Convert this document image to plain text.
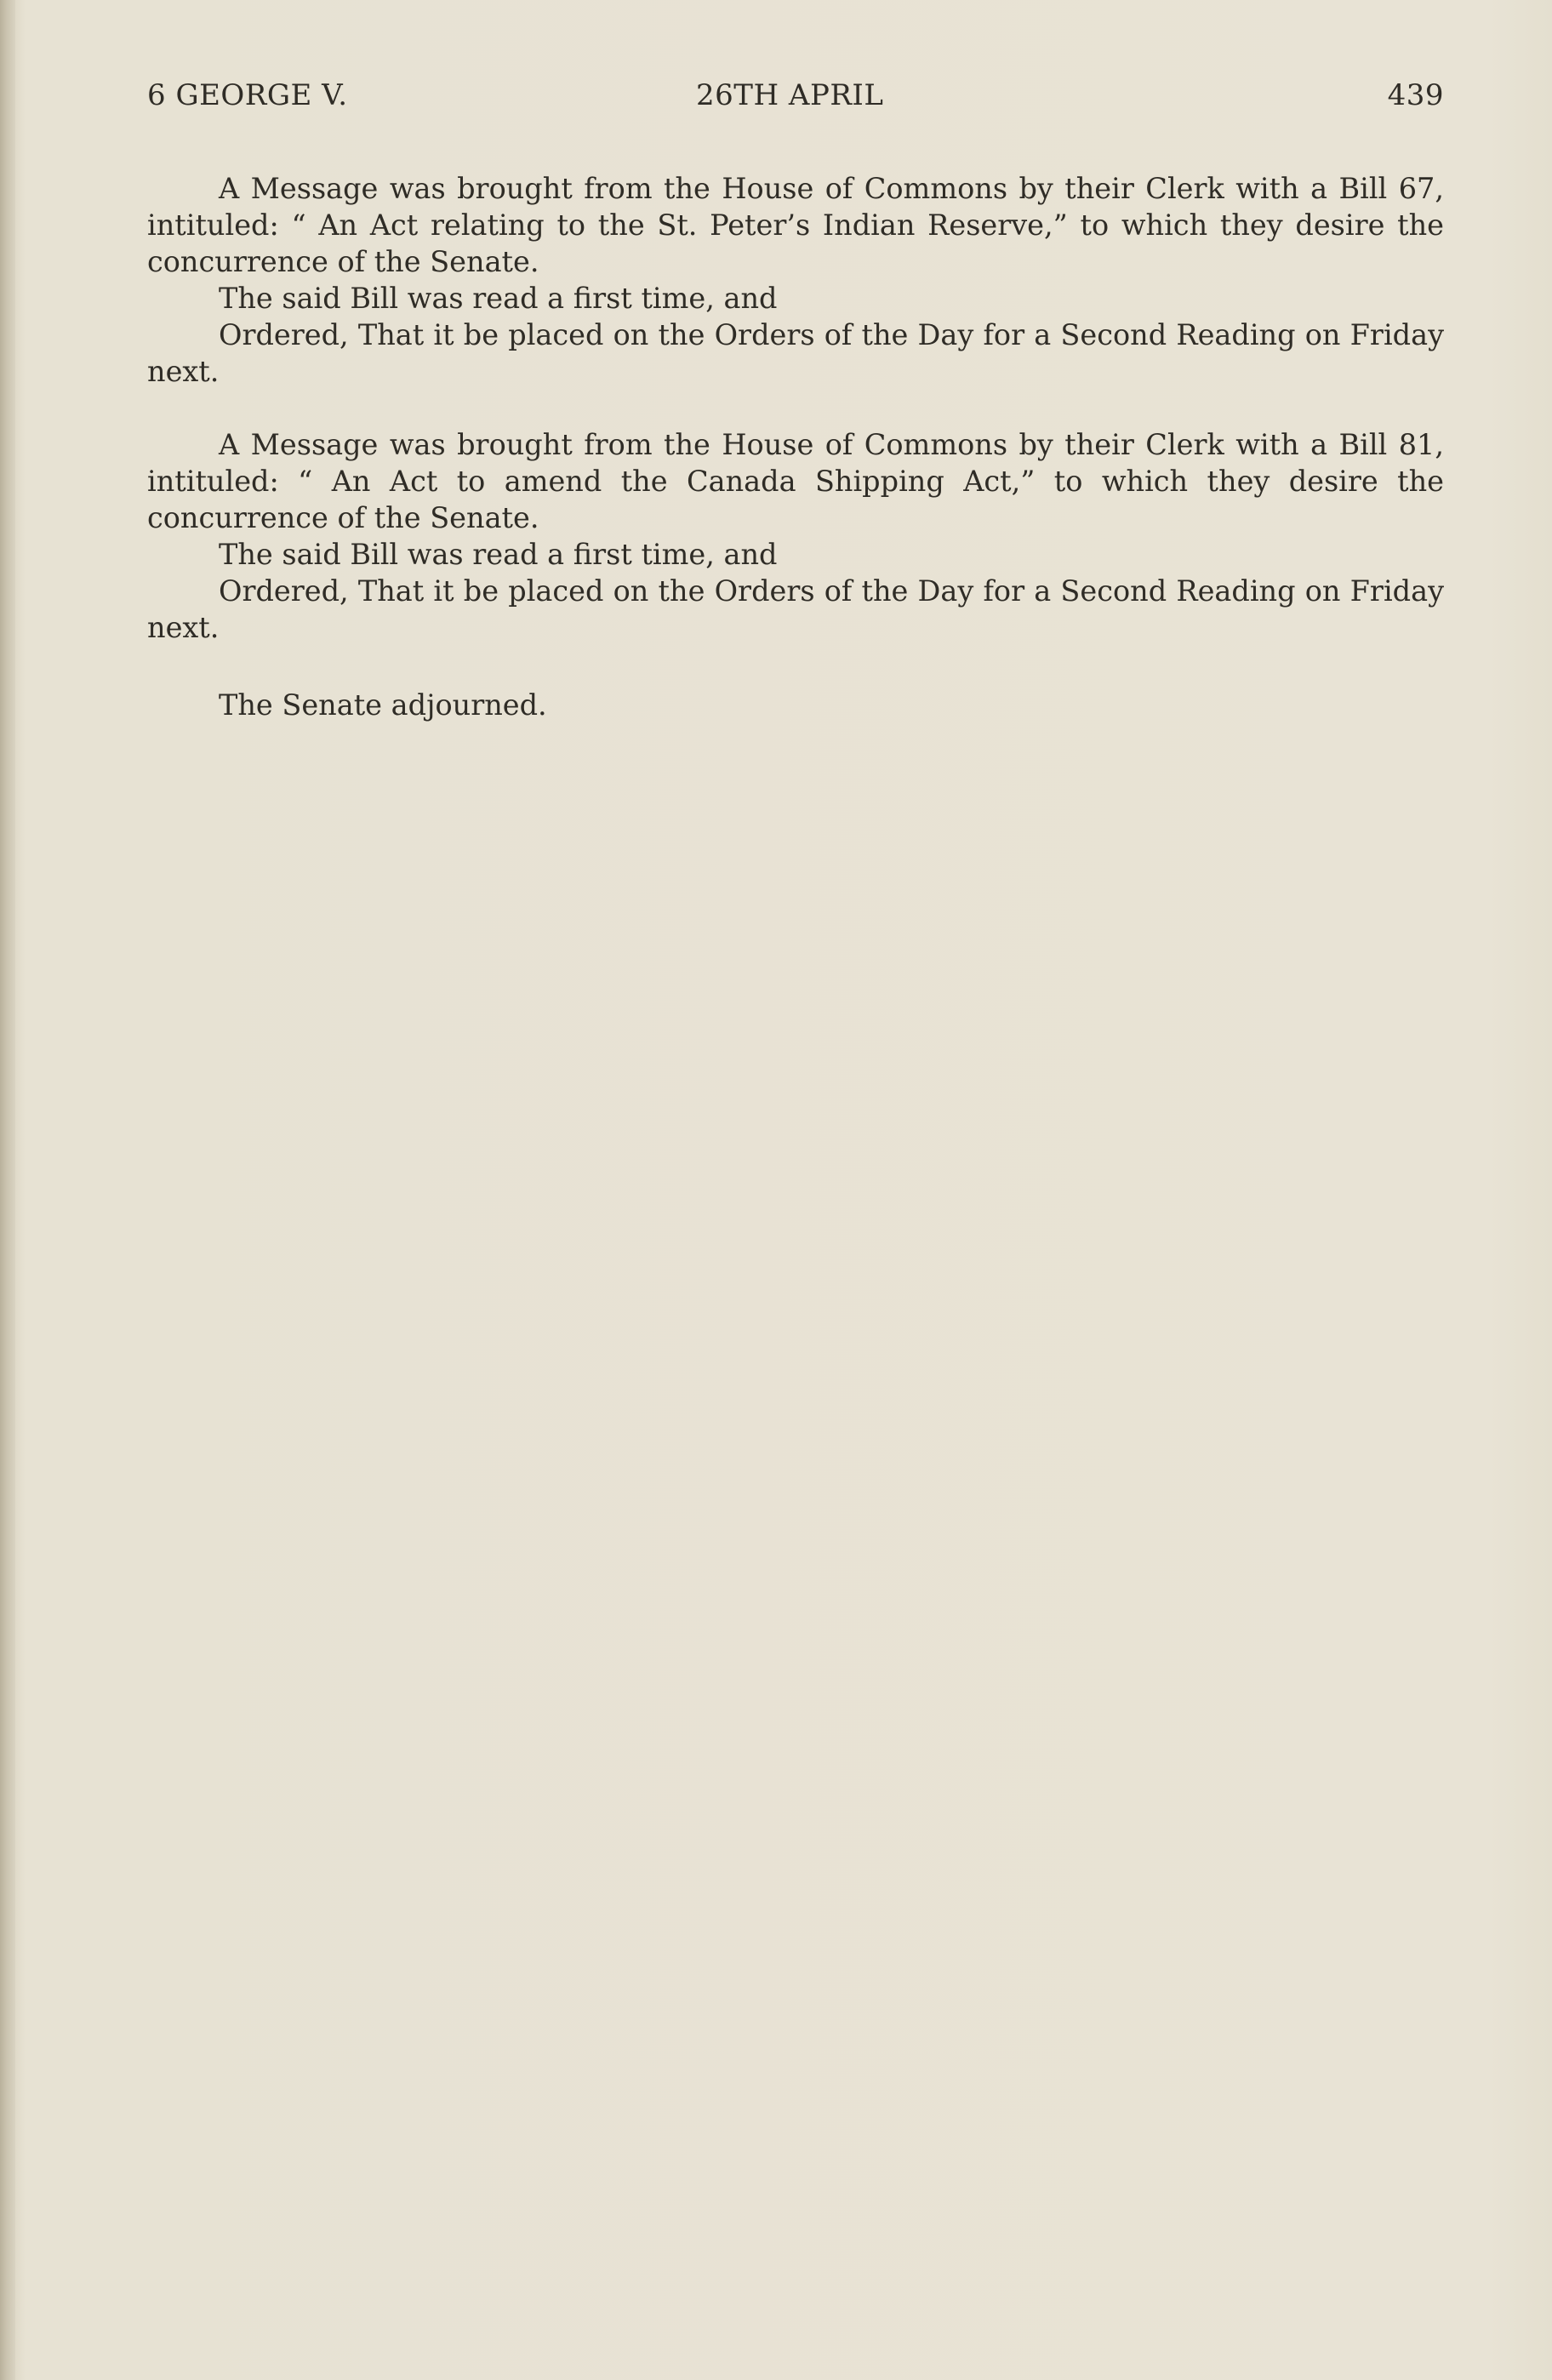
6 GEORGE V.	26TH APRIL	439

A Message was brought from the House of Commons by their Clerk with a Bill 67, intituled: “ An Act relating to the St. Peter’s Indian Reserve,” to which they desire the concurrence of the Senate.

The said Bill was read a first time, and

Ordered, That it be placed on the Orders of the Day for a Second Reading on Friday next.

A Message was brought from the House of Commons by their Clerk with a Bill 81, intituled: “ An Act to amend the Canada Shipping Act,” to which they desire the concurrence of the Senate.

The said Bill was read a first time, and

Ordered, That it be placed on the Orders of the Day for a Second Reading on Friday next.

The Senate adjourned.
